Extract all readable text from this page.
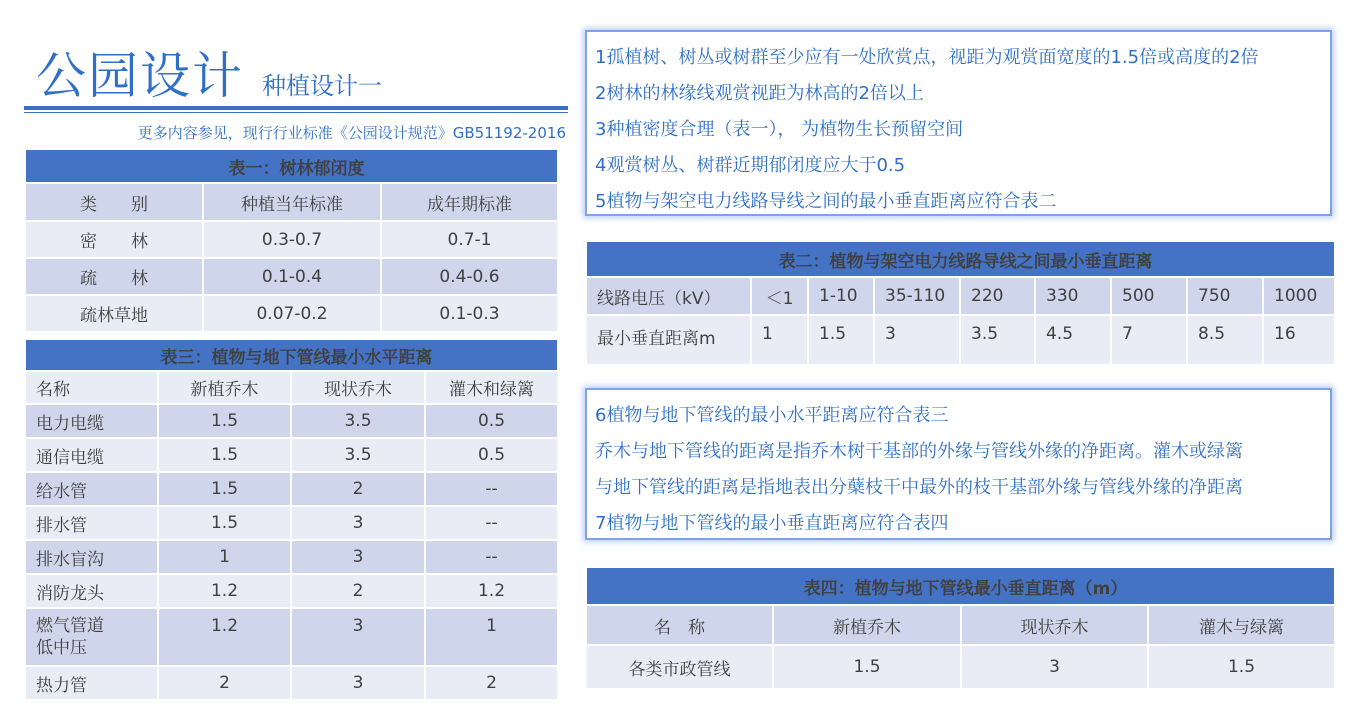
公园设计 种植设计一
更多内容参见，现行行业标准《公园设计规范》GB51192-2016
表一：树林郁闭度		
类　　别	种植当年标准	成年期标准
密　　林	0.3-0.7	0.7-1
疏　　林	0.1-0.4	0.4-0.6
疏林草地	0.07-0.2	0.1-0.3
表三：植物与地下管线最小水平距离			
名称	新植乔木	现状乔木	灌木和绿篱
电力电缆	1.5	3.5	0.5
通信电缆	1.5	3.5	0.5
给水管	1.5	2	--
排水管	1.5	3	--
排水盲沟	1	3	--
消防龙头	1.2	2	1.2
燃气管道
低中压	1.2	3	1
热力管	2	3	2
1孤植树、树丛或树群至少应有一处欣赏点，视距为观赏面宽度的1.5倍或高度的2倍
2树林的林缘线观赏视距为林高的2倍以上
3种植密度合理（表一）， 为植物生长预留空间
4观赏树丛、树群近期郁闭度应大于0.5
5植物与架空电力线路导线之间的最小垂直距离应符合表二
表二：植物与架空电力线路导线之间最小垂直距离								
线路电压（kV）	＜1	1-10	35-110	220	330	500	750	1000
最小垂直距离m	1	1.5	3	3.5	4.5	7	8.5	16
6植物与地下管线的最小水平距离应符合表三
乔木与地下管线的距离是指乔木树干基部的外缘与管线外缘的净距离。灌木或绿篱
与地下管线的距离是指地表出分蘖枝干中最外的枝干基部外缘与管线外缘的净距离
7植物与地下管线的最小垂直距离应符合表四
表四：植物与地下管线最小垂直距离（m）			
名　称	新植乔木	现状乔木	灌木与绿篱
各类市政管线	1.5	3	1.5
